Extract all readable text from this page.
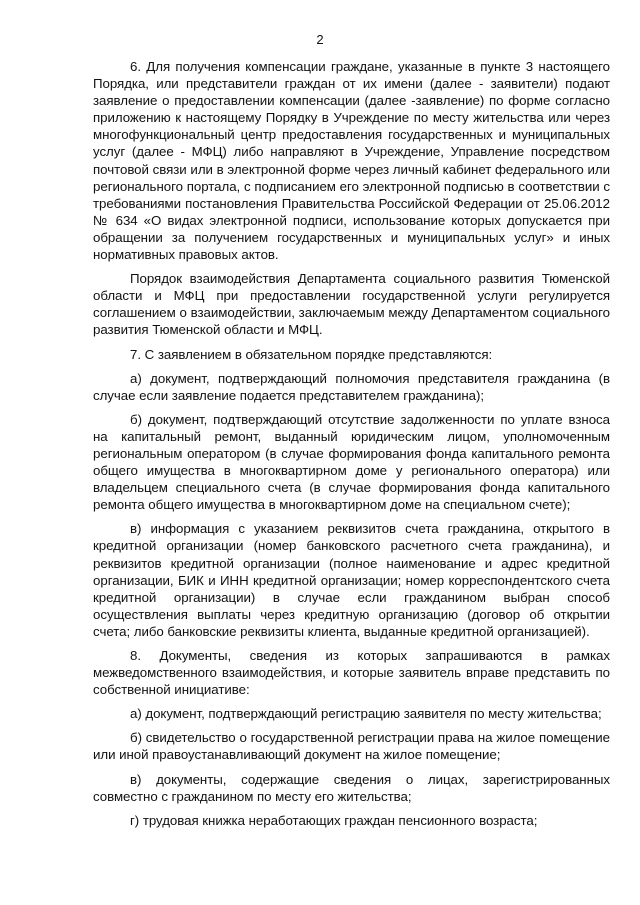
2

6. Для получения компенсации граждане, указанные в пункте 3 настоящего Порядка, или представители граждан от их имени (далее - заявители) подают заявление о предоставлении компенсации (далее -заявление) по форме согласно приложению к настоящему Порядку в Учреждение по месту жительства или через многофункциональный центр предоставления государственных и муниципальных услуг (далее - МФЦ) либо направляют в Учреждение, Управление посредством почтовой связи или в электронной форме через личный кабинет федерального или регионального портала, с подписанием его электронной подписью в соответствии с требованиями постановления Правительства Российской Федерации от 25.06.2012 № 634 «О видах электронной подписи, использование которых допускается при обращении за получением государственных и муниципальных услуг» и иных нормативных правовых актов.

Порядок взаимодействия Департамента социального развития Тюменской области и МФЦ при предоставлении государственной услуги регулируется соглашением о взаимодействии, заключаемым между Департаментом социального развития Тюменской области и МФЦ.

7. С заявлением в обязательном порядке представляются:

а) документ, подтверждающий полномочия представителя гражданина (в случае если заявление подается представителем гражданина);

б) документ, подтверждающий отсутствие задолженности по уплате взноса на капитальный ремонт, выданный юридическим лицом, уполномоченным региональным оператором (в случае формирования фонда капитального ремонта общего имущества в многоквартирном доме у регионального оператора) или владельцем специального счета (в случае формирования фонда капитального ремонта общего имущества в многоквартирном доме на специальном счете);

в) информация с указанием реквизитов счета гражданина, открытого в кредитной организации (номер банковского расчетного счета гражданина), и реквизитов кредитной организации (полное наименование и адрес кредитной организации, БИК и ИНН кредитной организации; номер корреспондентского счета кредитной организации) в случае если гражданином выбран способ осуществления выплаты через кредитную организацию (договор об открытии счета; либо банковские реквизиты клиента, выданные кредитной организацией).

8. Документы, сведения из которых запрашиваются в рамках межведомственного взаимодействия, и которые заявитель вправе представить по собственной инициативе:

а) документ, подтверждающий регистрацию заявителя по месту жительства;

б) свидетельство о государственной регистрации права на жилое помещение или иной правоустанавливающий документ на жилое помещение;

в) документы, содержащие сведения о лицах, зарегистрированных совместно с гражданином по месту его жительства;

г) трудовая книжка неработающих граждан пенсионного возраста;
